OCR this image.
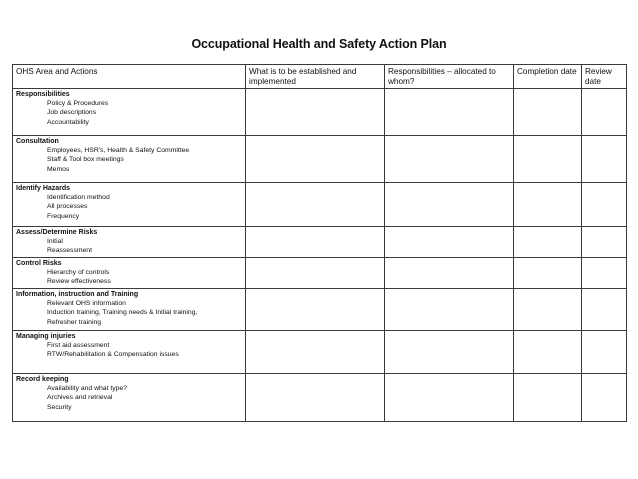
Occupational Health and Safety Action Plan
OHS Area and Actions	What is to be established and implemented	Responsibilities – allocated to whom?	Completion date	Review date

Responsibilities
Policy & Procedures
Job descriptions
Accountability				

Consultation
Employees, HSR's, Health & Safety Committee
Staff & Tool box meetings
Memos				

Identify Hazards
Identification method
All processes
Frequency				

Assess/Determine Risks
Initial
Reassessment				

Control Risks
Hierarchy of controls
Review effectiveness				

Information, instruction and Training
Relevant OHS information
Induction training, Training needs & Initial training,
Refresher training				

Managing injuries
First aid assessment
RTW/Rehabilitation & Compensation issues				

Record keeping
Availability and what type?
Archives and retrieval
Security				
